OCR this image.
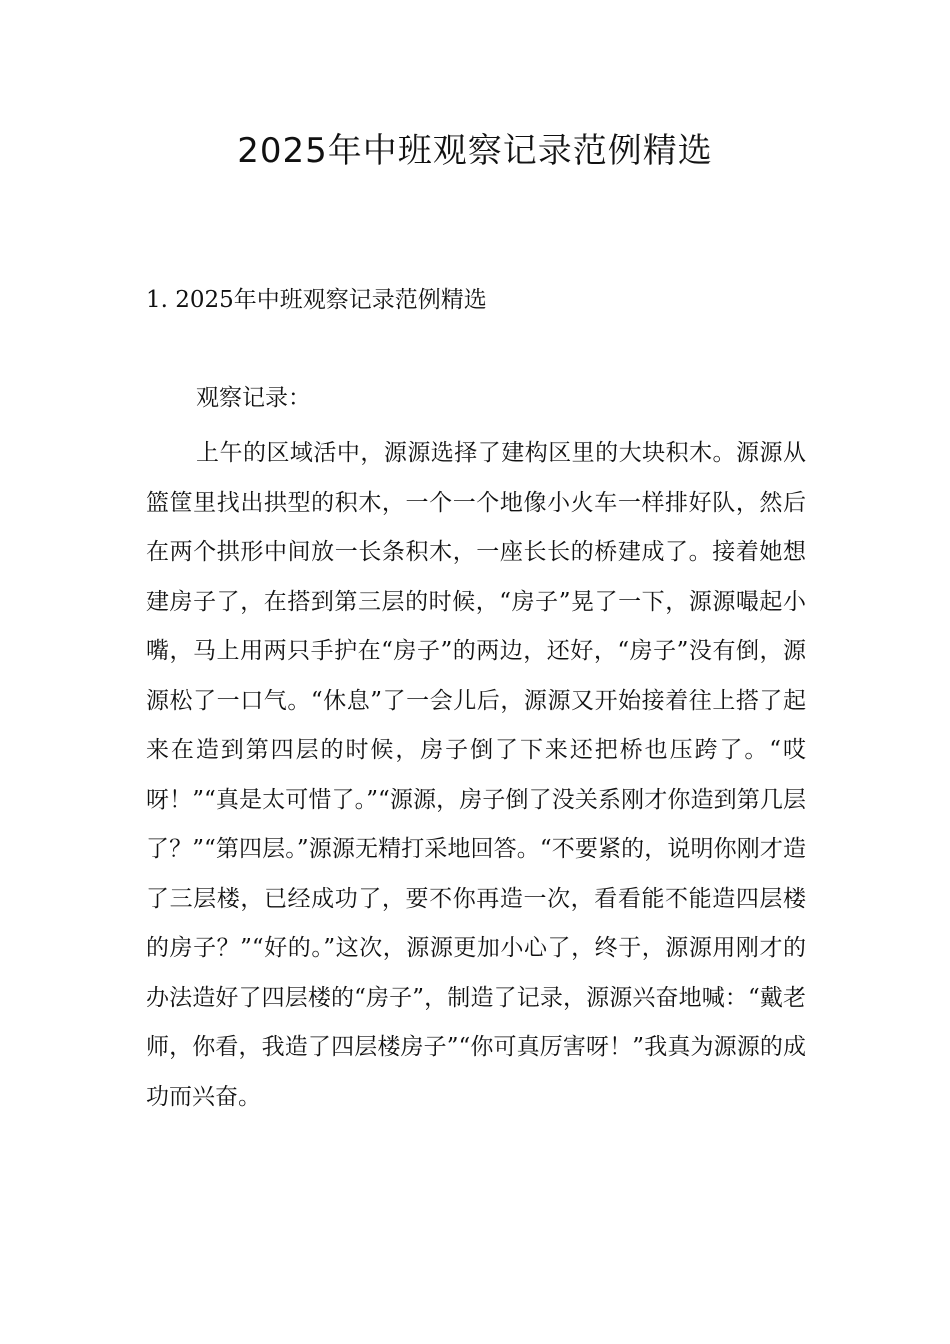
2025年中班观察记录范例精选
1. 2025年中班观察记录范例精选

观察记录：

上午的区域活中，源源选择了建构区里的大块积木。源源从篮筐里找出拱型的积木，一个一个地像小火车一样排好队，然后在两个拱形中间放一长条积木，一座长长的桥建成了。接着她想建房子了，在搭到第三层的时候，“房子”晃了一下，源源嘬起小嘴，马上用两只手护在“房子”的两边，还好，“房子”没有倒，源源松了一口气。“休息”了一会儿后，源源又开始接着往上搭了起来在造到第四层的时候，房子倒了下来还把桥也压跨了。“哎呀！”“真是太可惜了。”“源源，房子倒了没关系刚才你造到第几层了？”“第四层。”源源无精打采地回答。“不要紧的，说明你刚才造了三层楼，已经成功了，要不你再造一次，看看能不能造四层楼的房子？”“好的。”这次，源源更加小心了，终于，源源用刚才的办法造好了四层楼的“房子”，制造了记录，源源兴奋地喊：“戴老师，你看，我造了四层楼房子”“你可真厉害呀！”我真为源源的成功而兴奋。
